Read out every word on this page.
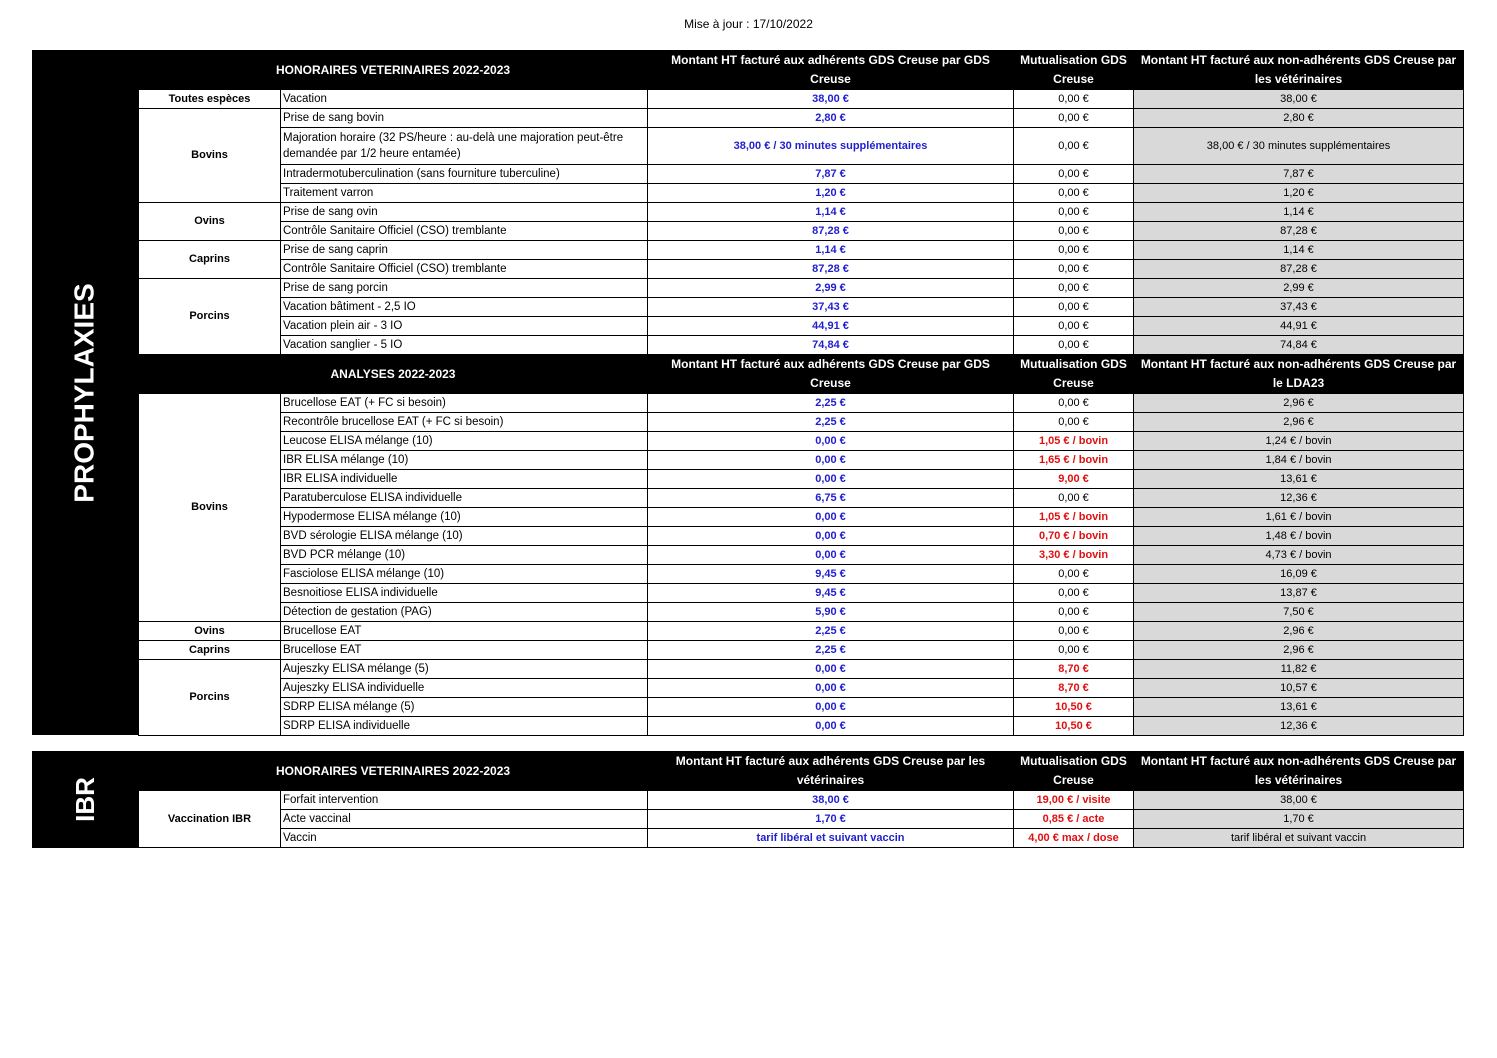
Mise à jour : 17/10/2022
PROPHYLAXIES
HONORAIRES VETERINAIRES 2022-2023		Montant HT facturé aux adhérents GDS Creuse par GDS Creuse	Mutualisation GDS Creuse	Montant HT facturé aux non-adhérents GDS Creuse par les vétérinaires
Toutes espèces	Vacation	38,00 €	0,00 €	38,00 €
Bovins	Prise de sang bovin	2,80 €	0,00 €	2,80 €
	Majoration horaire (32 PS/heure : au-delà une majoration peut-être demandée par 1/2 heure entamée)	38,00 € / 30 minutes supplémentaires	0,00 €	38,00 € / 30 minutes supplémentaires
	Intradermotuberculination (sans fourniture tuberculine)	7,87 €	0,00 €	7,87 €
	Traitement varron	1,20 €	0,00 €	1,20 €
Ovins	Prise de sang ovin	1,14 €	0,00 €	1,14 €
	Contrôle Sanitaire Officiel (CSO) tremblante	87,28 €	0,00 €	87,28 €
Caprins	Prise de sang caprin	1,14 €	0,00 €	1,14 €
	Contrôle Sanitaire Officiel (CSO) tremblante	87,28 €	0,00 €	87,28 €
Porcins	Prise de sang porcin	2,99 €	0,00 €	2,99 €
	Vacation bâtiment - 2,5 IO	37,43 €	0,00 €	37,43 €
	Vacation plein air - 3 IO	44,91 €	0,00 €	44,91 €
	Vacation sanglier - 5 IO	74,84 €	0,00 €	74,84 €
ANALYSES 2022-2023		Montant HT facturé aux adhérents GDS Creuse par GDS Creuse	Mutualisation GDS Creuse	Montant HT facturé aux non-adhérents GDS Creuse par le LDA23
Bovins	Brucellose EAT (+ FC si besoin)	2,25 €	0,00 €	2,96 €
	Recontrôle brucellose EAT (+ FC si besoin)	2,25 €	0,00 €	2,96 €
	Leucose ELISA mélange (10)	0,00 €	1,05 € / bovin	1,24 € / bovin
	IBR ELISA mélange (10)	0,00 €	1,65 € / bovin	1,84 € / bovin
	IBR ELISA individuelle	0,00 €	9,00 €	13,61 €
	Paratuberculose ELISA individuelle	6,75 €	0,00 €	12,36 €
	Hypodermose ELISA mélange (10)	0,00 €	1,05 € / bovin	1,61 € / bovin
	BVD sérologie ELISA mélange (10)	0,00 €	0,70 € / bovin	1,48 € / bovin
	BVD PCR mélange (10)	0,00 €	3,30 € / bovin	4,73 € / bovin
	Fasciolose ELISA mélange (10)	9,45 €	0,00 €	16,09 €
	Besnoitiose ELISA individuelle	9,45 €	0,00 €	13,87 €
	Détection de gestation (PAG)	5,90 €	0,00 €	7,50 €
Ovins	Brucellose EAT	2,25 €	0,00 €	2,96 €
Caprins	Brucellose EAT	2,25 €	0,00 €	2,96 €
Porcins	Aujeszky ELISA mélange (5)	0,00 €	8,70 €	11,82 €
	Aujeszky ELISA individuelle	0,00 €	8,70 €	10,57 €
	SDRP ELISA mélange (5)	0,00 €	10,50 €	13,61 €
	SDRP ELISA individuelle	0,00 €	10,50 €	12,36 €
IBR
HONORAIRES VETERINAIRES 2022-2023		Montant HT facturé aux adhérents GDS Creuse par les vétérinaires	Mutualisation GDS Creuse	Montant HT facturé aux non-adhérents GDS Creuse par les vétérinaires
Vaccination IBR	Forfait intervention	38,00 €	19,00 € / visite	38,00 €
	Acte vaccinal	1,70 €	0,85 € / acte	1,70 €
	Vaccin	tarif libéral et suivant vaccin	4,00 € max / dose	tarif libéral et suivant vaccin
